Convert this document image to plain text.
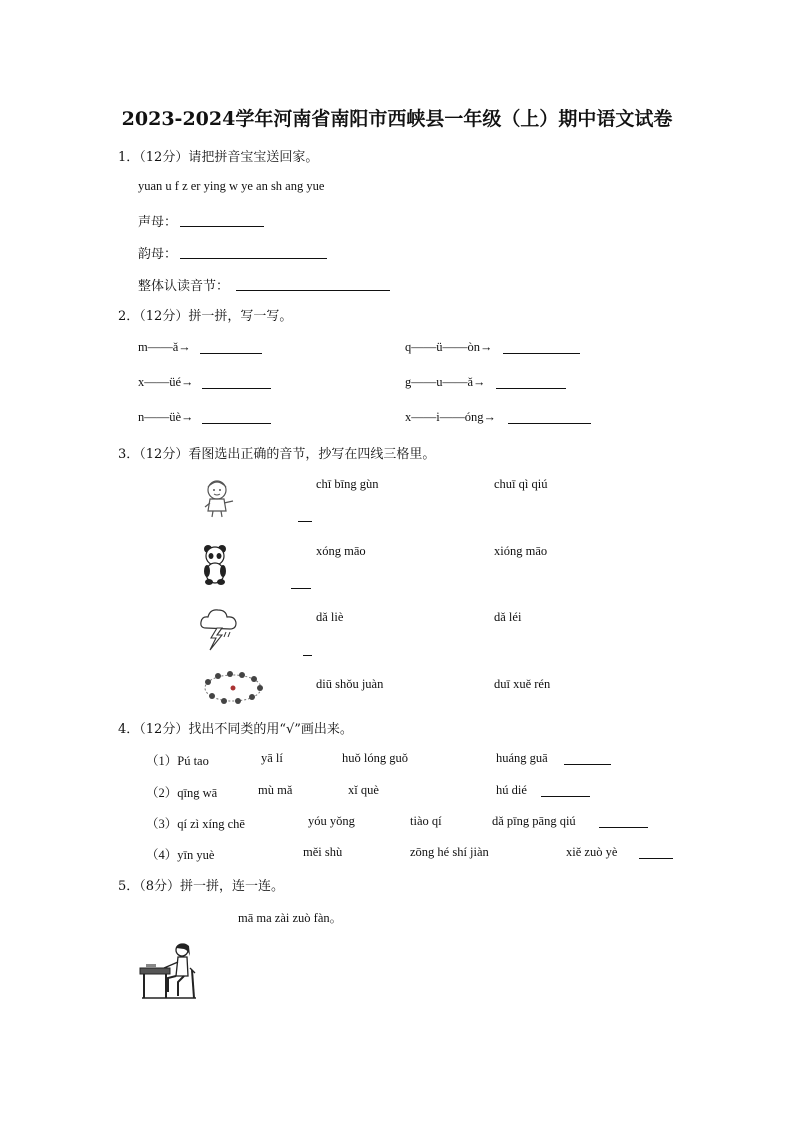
2023-2024学年河南省南阳市西峡县一年级（上）期中语文试卷
1．（12分）请把拼音宝宝送回家。
yuan u f z er ying w ye an sh ang yue
声母：
韵母：
整体认读音节：
2．（12分）拼一拼，写一写。
m——ǎ→	q——ü——òn→
x——üé→	g——u——ǎ→
n——üè→	x——i——óng→
3．（12分）看图选出正确的音节，抄写在四线三格里。
chī bīng gùn	chuī qì qiú
xóng māo	xióng māo
dǎ liè	dǎ léi
diū shǒu juàn	duī xuě rén
4．（12分）找出不同类的用“√”画出来。
（1）Pú tao	yā lí	huǒ lóng guǒ	huáng guā
（2）qīng wā	mù mǎ	xǐ què	hú dié
（3）qí zì xíng chē	yóu yǒng	tiào qí	dǎ pīng pāng qiú
（4）yīn yuè	měi shù	zōng hé shí jiàn	xiě zuò yè
5．（8分）拼一拼，连一连。
mā ma zài zuò fàn。
